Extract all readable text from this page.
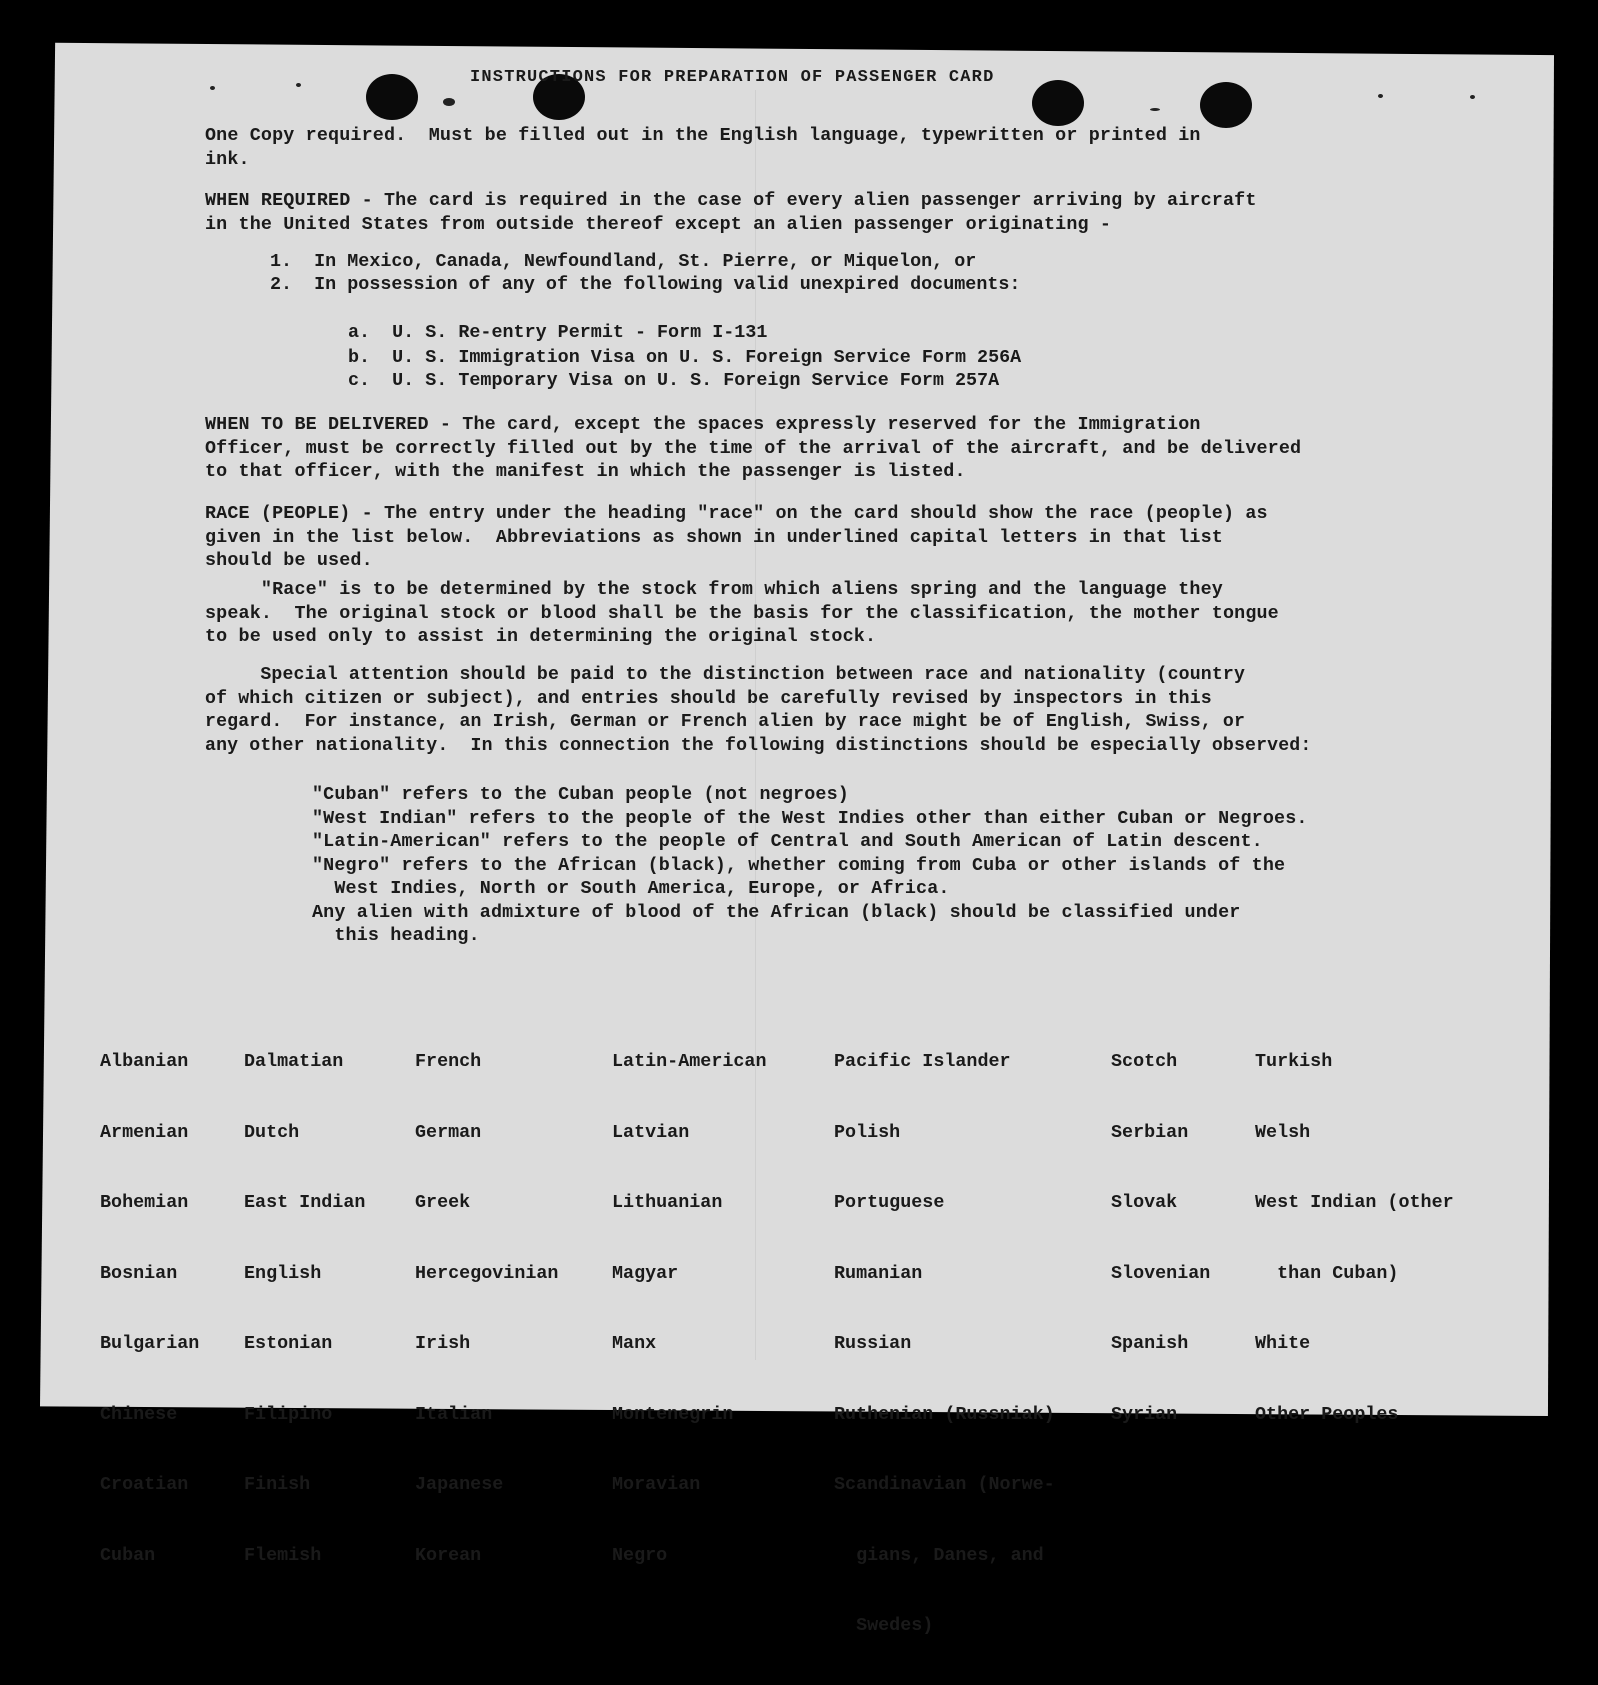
INSTRUCTIONS FOR PREPARATION OF PASSENGER CARD
One Copy required.  Must be filled out in the English language, typewritten or printed in
ink.
WHEN REQUIRED - The card is required in the case of every alien passenger arriving by aircraft
in the United States from outside thereof except an alien passenger originating -
1.  In Mexico, Canada, Newfoundland, St. Pierre, or Miquelon, or
2.  In possession of any of the following valid unexpired documents:
a.  U. S. Re-entry Permit - Form I-131
b.  U. S. Immigration Visa on U. S. Foreign Service Form 256A
c.  U. S. Temporary Visa on U. S. Foreign Service Form 257A
WHEN TO BE DELIVERED - The card, except the spaces expressly reserved for the Immigration
Officer, must be correctly filled out by the time of the arrival of the aircraft, and be delivered
to that officer, with the manifest in which the passenger is listed.
RACE (PEOPLE) - The entry under the heading "race" on the card should show the race (people) as
given in the list below.  Abbreviations as shown in underlined capital letters in that list
should be used.
"Race" is to be determined by the stock from which aliens spring and the language they
speak.  The original stock or blood shall be the basis for the classification, the mother tongue
to be used only to assist in determining the original stock.
Special attention should be paid to the distinction between race and nationality (country
of which citizen or subject), and entries should be carefully revised by inspectors in this
regard.  For instance, an Irish, German or French alien by race might be of English, Swiss, or
any other nationality.  In this connection the following distinctions should be especially observed:
"Cuban" refers to the Cuban people (not negroes)
"West Indian" refers to the people of the West Indies other than either Cuban or Negroes.
"Latin-American" refers to the people of Central and South American of Latin descent.
"Negro" refers to the African (black), whether coming from Cuba or other islands of the
West Indies, North or South America, Europe, or Africa.
Any alien with admixture of blood of the African (black) should be classified under
this heading.

Albanian

Armenian

Bohemian

Bosnian

Bulgarian

Chinese

Croatian

Cuban

Dalmatian

Dutch

East Indian

English

Estonian

Filipino

Finish

Flemish

French

German

Greek

Hercegovinian

Irish

Italian

Japanese

Korean

Latin-American

Latvian

Lithuanian

Magyar

Manx

Montenegrin

Moravian

Negro

Pacific Islander

Polish

Portuguese

Rumanian

Russian

Ruthenian (Russniak)

Scandinavian (Norwe-

gians, Danes, and

Swedes)

Scotch

Serbian

Slovak

Slovenian

Spanish

Syrian

Turkish

Welsh

West Indian (other

than Cuban)

White

Other Peoples
